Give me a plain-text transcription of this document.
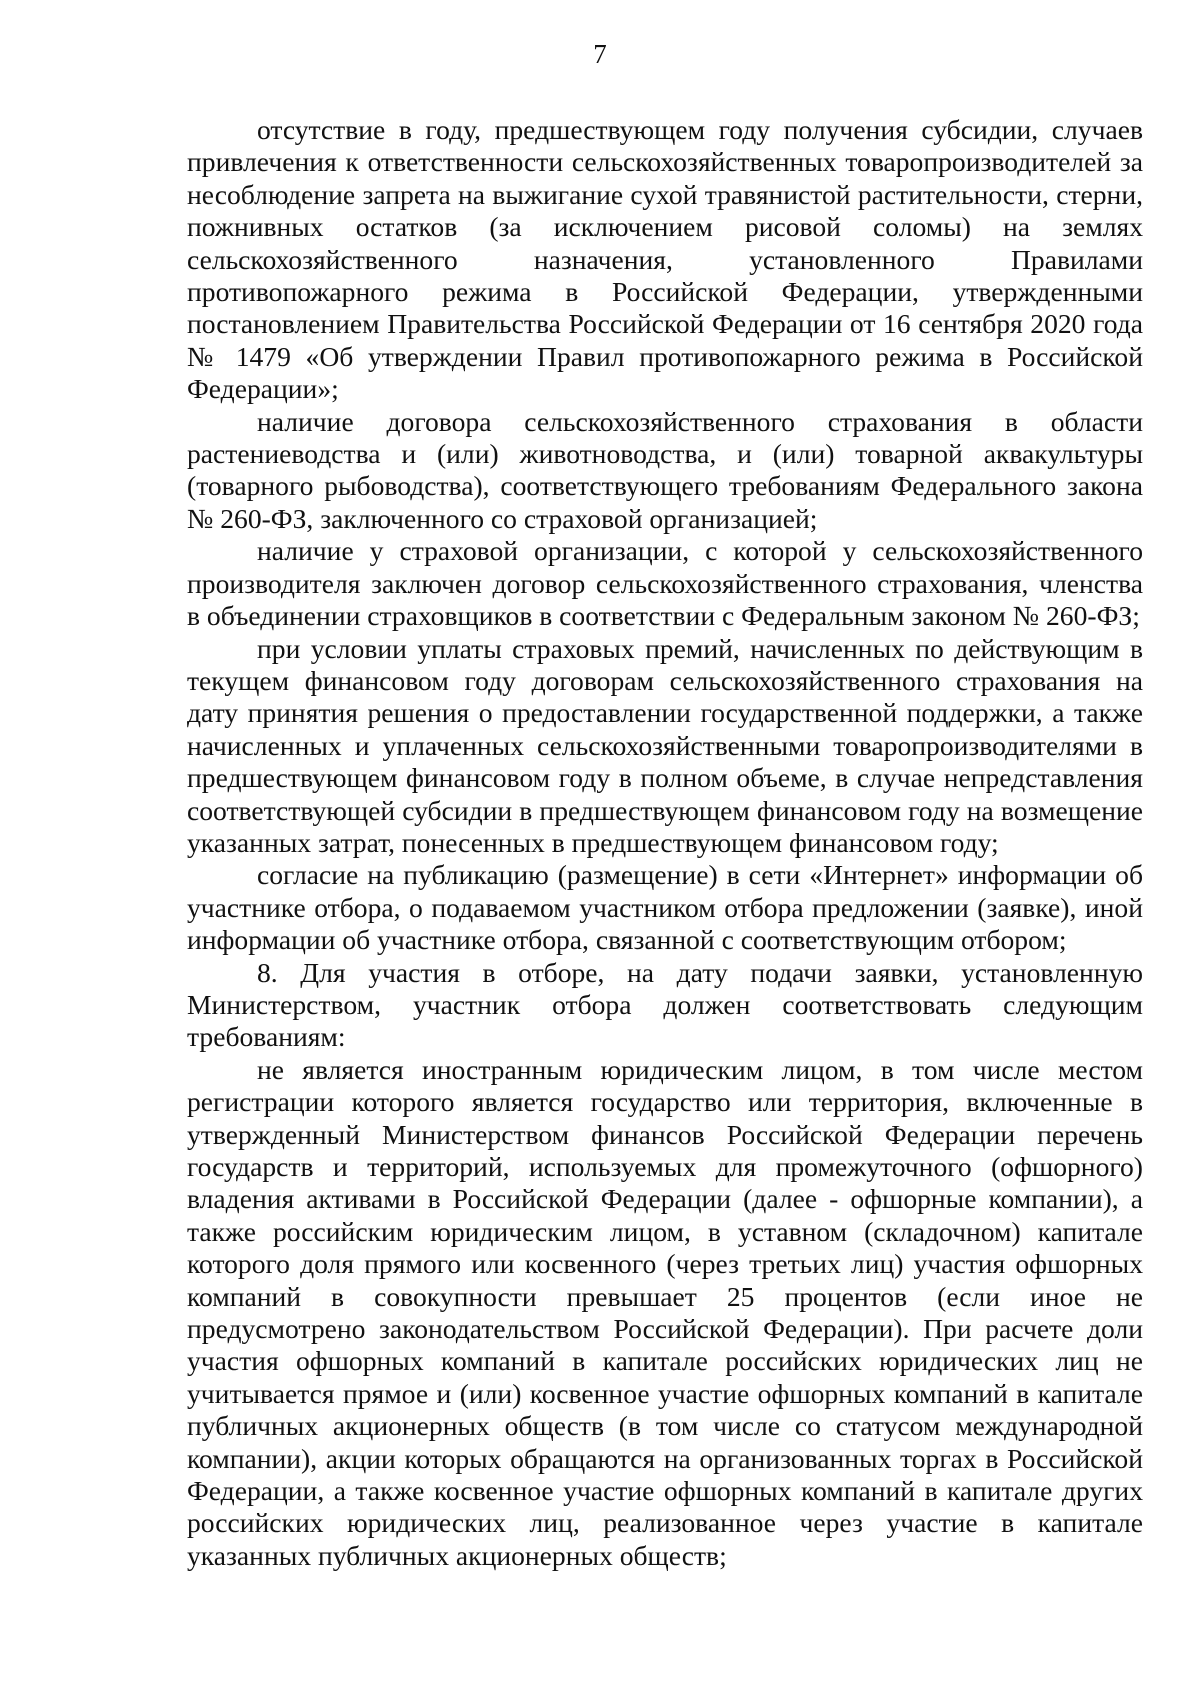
7

отсутствие в году, предшествующем году получения субсидии, случаев привлечения к ответственности сельскохозяйственных товаропроизводителей за несоблюдение запрета на выжигание сухой травянистой растительности, стерни, пожнивных остатков (за исключением рисовой соломы) на землях сельскохозяйственного назначения, установленного Правилами противопожарного режима в Российской Федерации, утвержденными постановлением Правительства Российской Федерации от 16 сентября 2020 года № 1479 «Об утверждении Правил противопожарного режима в Российской Федерации»;

наличие договора сельскохозяйственного страхования в области растениеводства и (или) животноводства, и (или) товарной аквакультуры (товарного рыбоводства), соответствующего требованиям Федерального закона № 260-ФЗ, заключенного со страховой организацией;

наличие у страховой организации, с которой у сельскохозяйственного производителя заключен договор сельскохозяйственного страхования, членства в объединении страховщиков в соответствии с Федеральным законом № 260-ФЗ;

при условии уплаты страховых премий, начисленных по действующим в текущем финансовом году договорам сельскохозяйственного страхования на дату принятия решения о предоставлении государственной поддержки, а также начисленных и уплаченных сельскохозяйственными товаропроизводителями в предшествующем финансовом году в полном объеме, в случае непредставления соответствующей субсидии в предшествующем финансовом году на возмещение указанных затрат, понесенных в предшествующем финансовом году;

согласие на публикацию (размещение) в сети «Интернет» информации об участнике отбора, о подаваемом участником отбора предложении (заявке), иной информации об участнике отбора, связанной с соответствующим отбором;

8. Для участия в отборе, на дату подачи заявки, установленную Министерством, участник отбора должен соответствовать следующим требованиям:

не является иностранным юридическим лицом, в том числе местом регистрации которого является государство или территория, включенные в утвержденный Министерством финансов Российской Федерации перечень государств и территорий, используемых для промежуточного (офшорного) владения активами в Российской Федерации (далее - офшорные компании), а также российским юридическим лицом, в уставном (складочном) капитале которого доля прямого или косвенного (через третьих лиц) участия офшорных компаний в совокупности превышает 25 процентов (если иное не предусмотрено законодательством Российской Федерации). При расчете доли участия офшорных компаний в капитале российских юридических лиц не учитывается прямое и (или) косвенное участие офшорных компаний в капитале публичных акционерных обществ (в том числе со статусом международной компании), акции которых обращаются на организованных торгах в Российской Федерации, а также косвенное участие офшорных компаний в капитале других российских юридических лиц, реализованное через участие в капитале указанных публичных акционерных обществ;
